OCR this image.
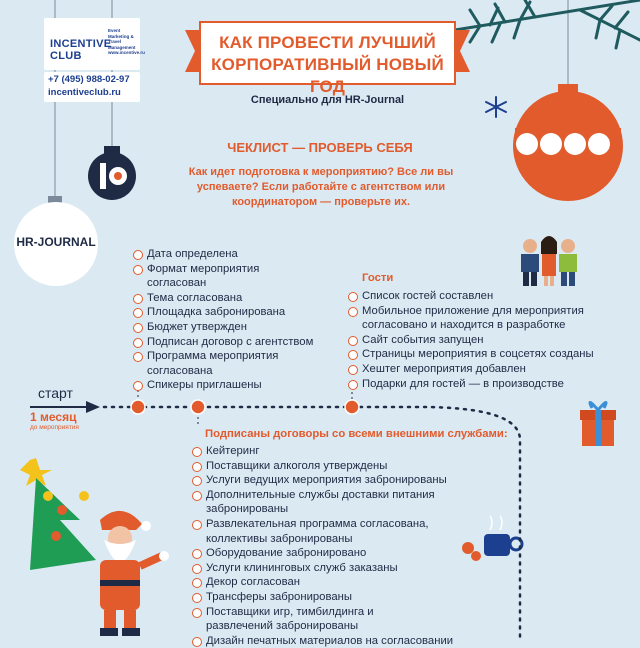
INCENTIVE CLUB
Event Marketing & Travel Management www.incentive.ru
+7 (495) 988-02-97
incentiveclub.ru
HR-JOURNAL
КАК ПРОВЕСТИ ЛУЧШИЙ
КОРПОРАТИВНЫЙ НОВЫЙ ГОД
Специально для HR-Journal
ЧЕКЛИСТ — ПРОВЕРЬ СЕБЯ
Как идет подготовка к мероприятию? Все ли вы
успеваете? Если работайте с агентством или
координатором — проверьте их.
Дата определена
Формат мероприятия согласован
Тема согласована
Площадка забронирована
Бюджет утвержден
Подписан договор с агентством
Программа мероприятия согласована
Спикеры приглашены
Гости
Список гостей составлен
Мобильное приложение для мероприятия согласовано и находится в разработке
Сайт события запущен
Страницы мероприятия в соцсетях созданы
Хештег мероприятия добавлен
Подарки для гостей — в производстве
старт
1 месяц
до мероприятия
Подписаны договоры со всеми внешними службами:
Кейтеринг
Поставщики алкоголя утверждены
Услуги ведущих мероприятия забронированы
Дополнительные службы доставки питания забронированы
Развлекательная программа согласована, коллективы забронированы
Оборудование забронировано
Услуги клининговых служб заказаны
Декор согласован
Трансферы забронированы
Поставщики игр, тимбилдинга и развлечений забронированы
Дизайн печатных материалов на согласовании
